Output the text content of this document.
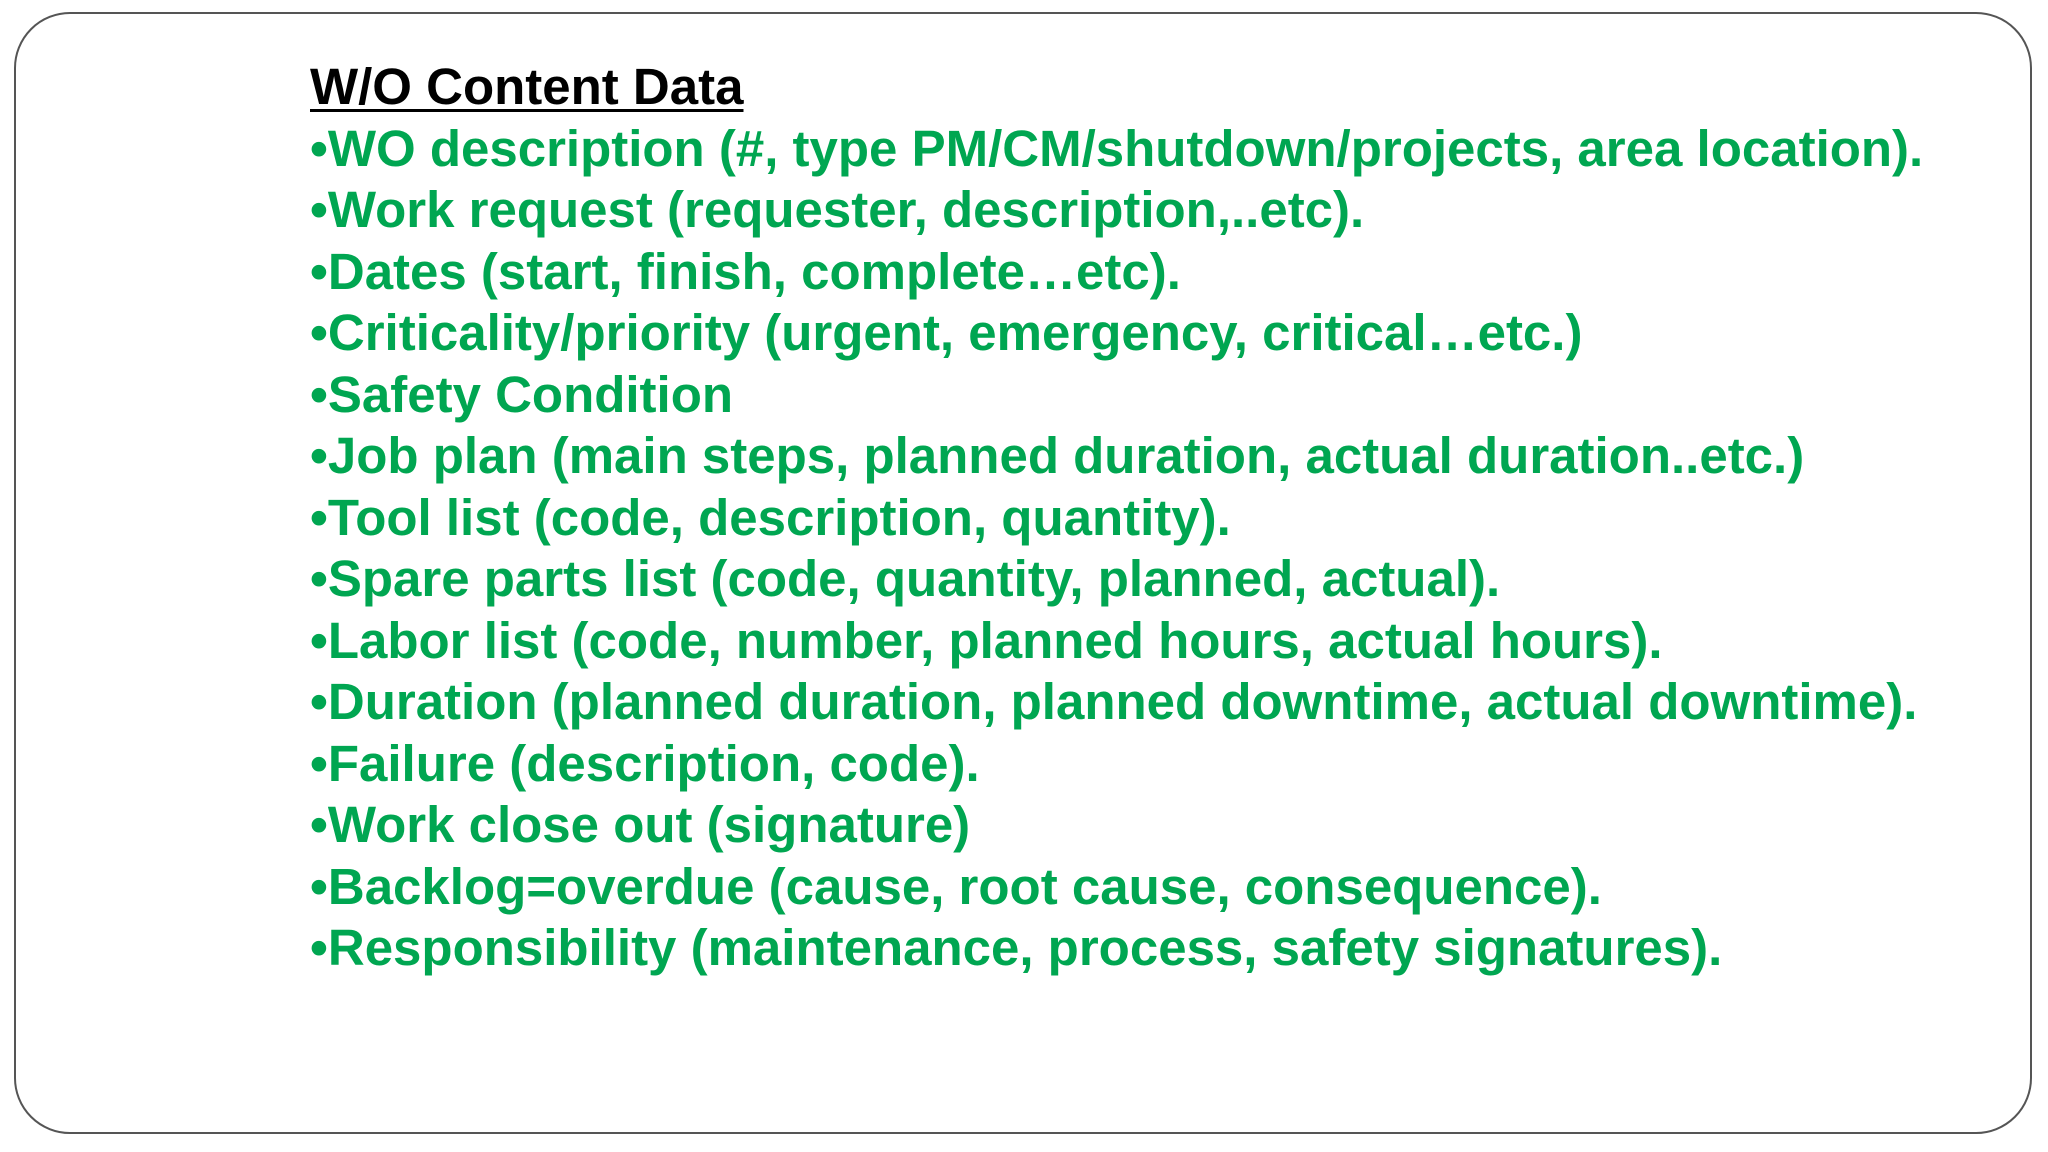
W/O Content Data
•WO description (#, type PM/CM/shutdown/projects, area location).
•Work request (requester, description,..etc).
•Dates (start, finish, complete…etc).
•Criticality/priority (urgent, emergency, critical…etc.)
•Safety Condition
•Job plan (main steps, planned duration, actual duration..etc.)
•Tool list (code, description, quantity).
•Spare parts list (code, quantity, planned, actual).
•Labor list (code, number, planned hours, actual hours).
•Duration (planned duration, planned downtime, actual downtime).
•Failure (description, code).
•Work close out (signature)
•Backlog=overdue (cause, root cause, consequence).
•Responsibility (maintenance, process, safety signatures).
